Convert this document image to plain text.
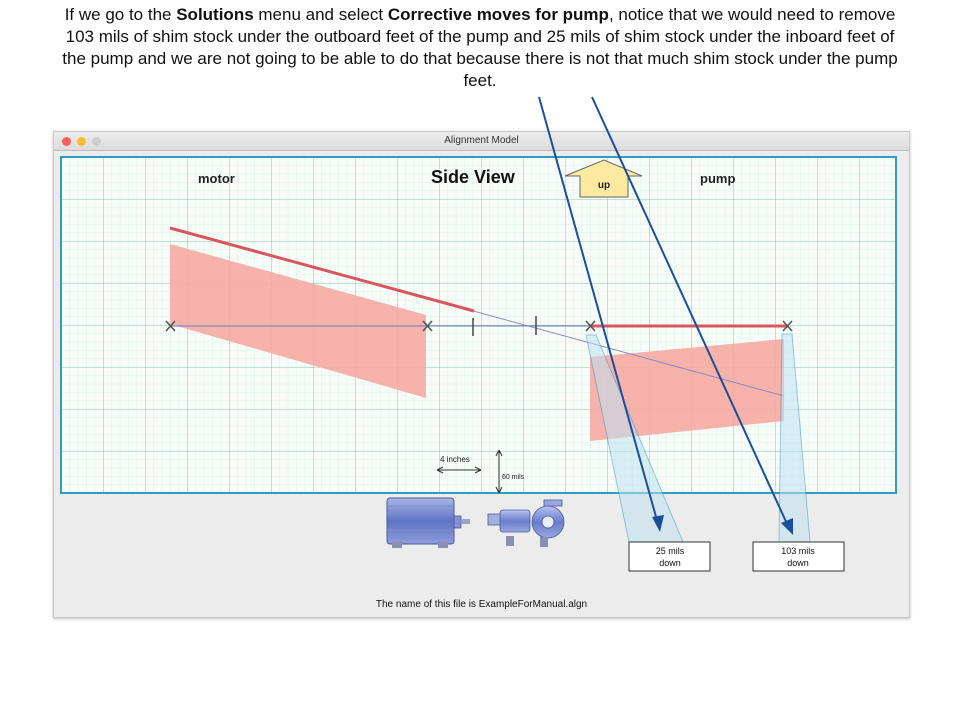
If we go to the Solutions menu and select Corrective moves for pump, notice that we would need to remove 103 mils of shim stock under the outboard feet of the pump and 25 mils of shim stock under the inboard feet of the pump and we are not going to be able to do that because there is not that much shim stock under the pump feet.
Alignment Model
The name of this file is ExampleForManual.algn
motor	pump
Side View	up
4 inches
60 mils
25 mils
down
103 mils
down
